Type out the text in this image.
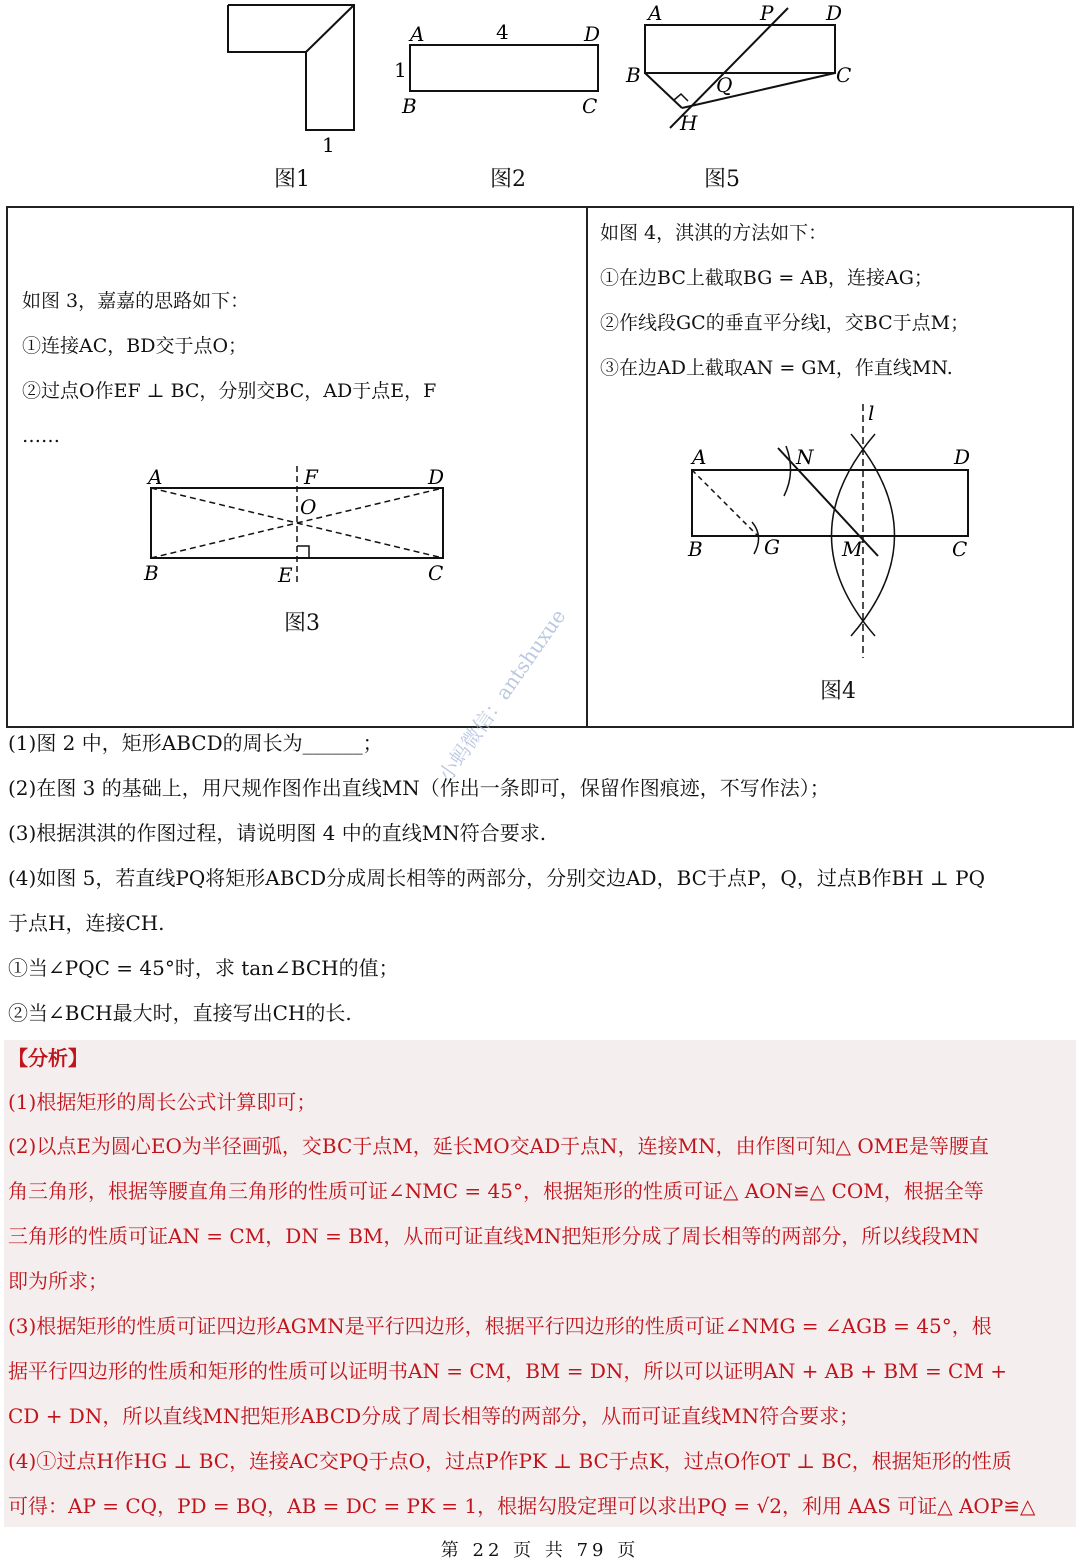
1
图1
A	4	D
1
B	C
图2
A	P	D
B	Q	C
H
图5
如图 3，嘉嘉的思路如下：
①连接AC，BD交于点O；
②过点O作EF ⊥ BC，分别交BC，AD于点E，F
……
A	F	D
O
B	E	C
图3
如图 4，淇淇的方法如下：
①在边BC上截取BG = AB，连接AG；
②作线段GC的垂直平分线l，交BC于点M；
③在边AD上截取AN = GM，作直线MN.
l
A	N	D
B	G	M	C
图4
(1)图 2 中，矩形ABCD的周长为______；
(2)在图 3 的基础上，用尺规作图作出直线MN（作出一条即可，保留作图痕迹，不写作法）；
(3)根据淇淇的作图过程，请说明图 4 中的直线MN符合要求.
(4)如图 5，若直线PQ将矩形ABCD分成周长相等的两部分，分别交边AD，BC于点P，Q，过点B作BH ⊥ PQ
于点H，连接CH.
①当∠PQC = 45°时，求 tan∠BCH的值；
②当∠BCH最大时，直接写出CH的长.
小蚂微信：antshuxue
【分析】
(1)根据矩形的周长公式计算即可；
(2)以点E为圆心EO为半径画弧，交BC于点M，延长MO交AD于点N，连接MN，由作图可知△ OME是等腰直
角三角形，根据等腰直角三角形的性质可证∠NMC = 45°，根据矩形的性质可证△ AON≌△ COM，根据全等
三角形的性质可证AN = CM，DN = BM，从而可证直线MN把矩形分成了周长相等的两部分，所以线段MN
即为所求；
(3)根据矩形的性质可证四边形AGMN是平行四边形，根据平行四边形的性质可证∠NMG = ∠AGB = 45°，根
据平行四边形的性质和矩形的性质可以证明书AN = CM，BM = DN，所以可以证明AN + AB + BM = CM +
CD + DN，所以直线MN把矩形ABCD分成了周长相等的两部分，从而可证直线MN符合要求；
(4)①过点H作HG ⊥ BC，连接AC交PQ于点O，过点P作PK ⊥ BC于点K，过点O作OT ⊥ BC，根据矩形的性质
可得：AP = CQ，PD = BQ，AB = DC = PK = 1，根据勾股定理可以求出PQ = √2，利用 AAS 可证△ AOP≌△
第 22 页 共 79 页
